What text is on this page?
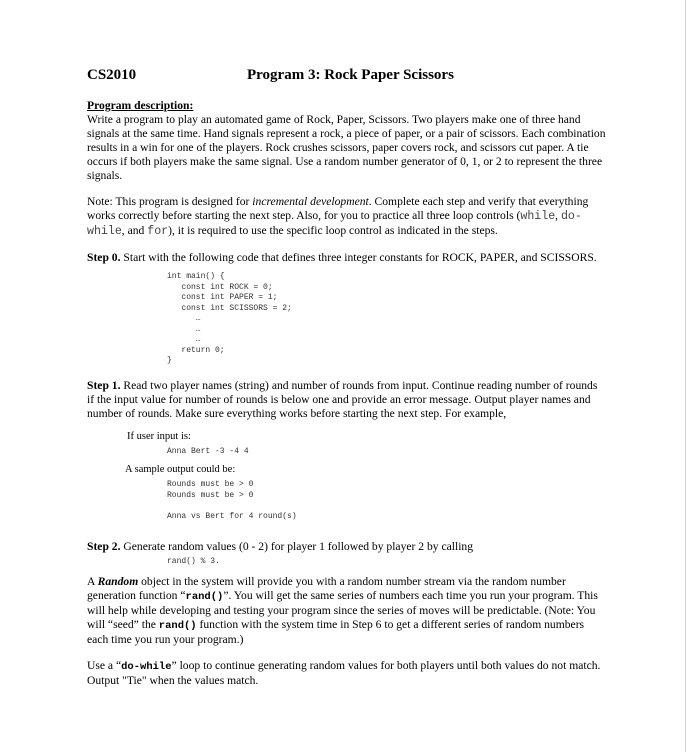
CS2010	Program 3: Rock Paper Scissors

Program description:

Write a program to play an automated game of Rock, Paper, Scissors. Two players make one of three hand signals at the same time. Hand signals represent a rock, a piece of paper, or a pair of scissors. Each combination results in a win for one of the players. Rock crushes scissors, paper covers rock, and scissors cut paper. A tie occurs if both players make the same signal. Use a random number generator of 0, 1, or 2 to represent the three signals.

Note: This program is designed for incremental development. Complete each step and verify that everything works correctly before starting the next step. Also, for you to practice all three loop controls (while, do-while, and for), it is required to use the specific loop control as indicated in the steps.

Step 0. Start with the following code that defines three integer constants for ROCK, PAPER, and SCISSORS.

int main() {
const int ROCK = 0;
const int PAPER = 1;
const int SCISSORS = 2;
…
…
…
return 0;
}

Step 1. Read two player names (string) and number of rounds from input. Continue reading number of rounds if the input value for number of rounds is below one and provide an error message. Output player names and number of rounds. Make sure everything works before starting the next step. For example,

If user input is:

Anna Bert -3 -4 4

A sample output could be:

Rounds must be > 0
Rounds must be > 0
Anna vs Bert for 4 round(s)

Step 2. Generate random values (0 - 2) for player 1 followed by player 2 by calling

rand() % 3.

A Random object in the system will provide you with a random number stream via the random number generation function “rand()”. You will get the same series of numbers each time you run your program. This will help while developing and testing your program since the series of moves will be predictable. (Note: You will “seed” the rand() function with the system time in Step 6 to get a different series of random numbers each time you run your program.)

Use a “do-while” loop to continue generating random values for both players until both values do not match. Output "Tie" when the values match.
